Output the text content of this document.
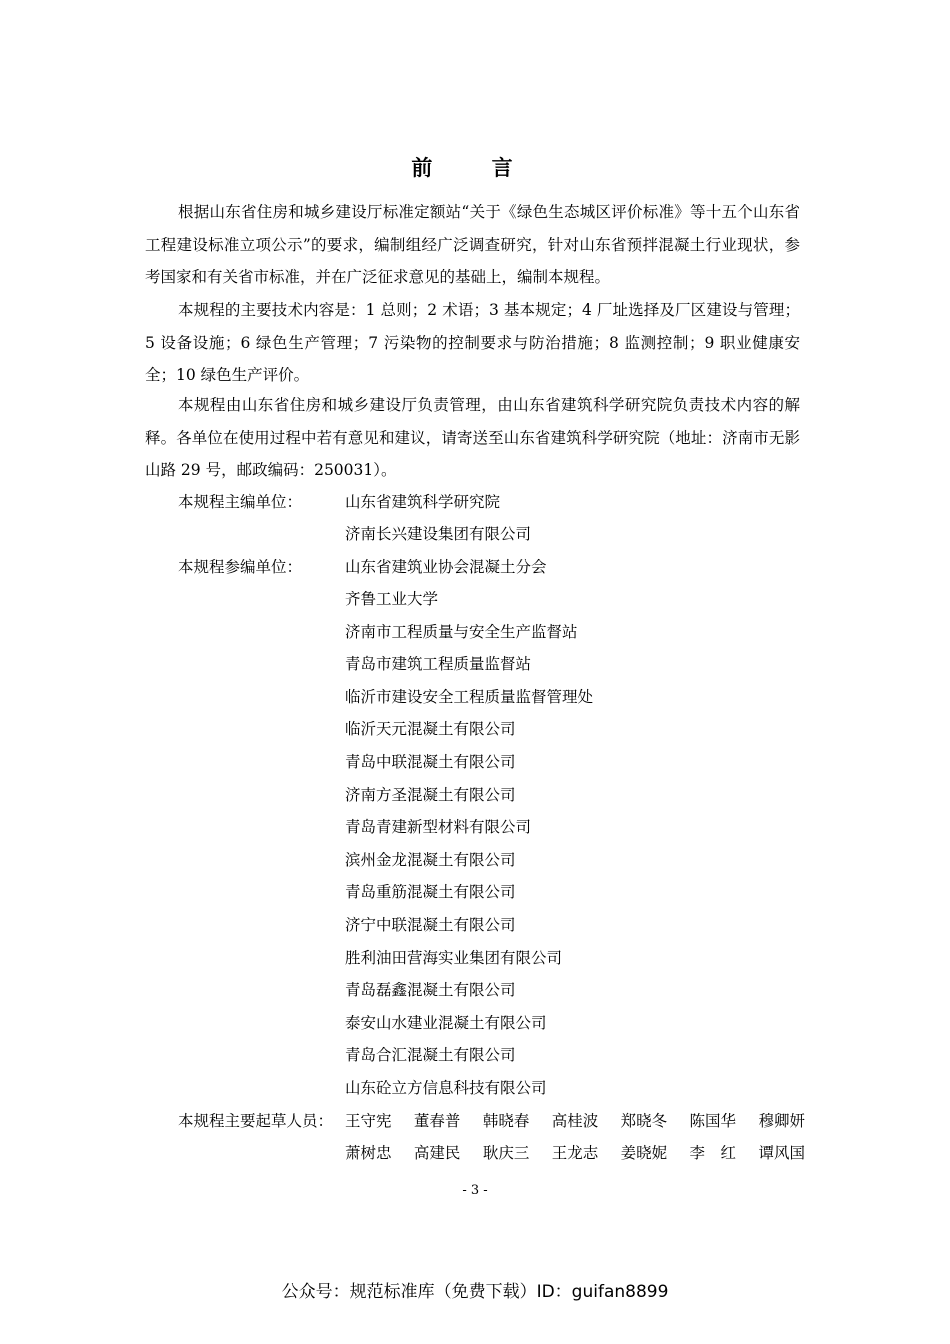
前 言
根据山东省住房和城乡建设厅标准定额站“关于《绿色生态城区评价标准》等十五个山东省工程建设标准立项公示”的要求，编制组经广泛调查研究，针对山东省预拌混凝土行业现状，参考国家和有关省市标准，并在广泛征求意见的基础上，编制本规程。
本规程的主要技术内容是：1 总则；2 术语；3 基本规定；4 厂址选择及厂区建设与管理；5 设备设施；6 绿色生产管理；7 污染物的控制要求与防治措施；8 监测控制；9 职业健康安全；10 绿色生产评价。
本规程由山东省住房和城乡建设厅负责管理，由山东省建筑科学研究院负责技术内容的解释。各单位在使用过程中若有意见和建议，请寄送至山东省建筑科学研究院（地址：济南市无影山路 29 号，邮政编码：250031）。
本规程主编单位：	山东省建筑科学研究院
济南长兴建设集团有限公司
本规程参编单位：	山东省建筑业协会混凝土分会
齐鲁工业大学
济南市工程质量与安全生产监督站
青岛市建筑工程质量监督站
临沂市建设安全工程质量监督管理处
临沂天元混凝土有限公司
青岛中联混凝土有限公司
济南方圣混凝土有限公司
青岛青建新型材料有限公司
滨州金龙混凝土有限公司
青岛重筋混凝土有限公司
济宁中联混凝土有限公司
胜利油田营海实业集团有限公司
青岛磊鑫混凝土有限公司
泰安山水建业混凝土有限公司
青岛合汇混凝土有限公司
山东砼立方信息科技有限公司
本规程主要起草人员： 王守宪 董春普 韩晓春 高桂波 郑晓冬 陈国华 穆卿妍
萧树忠 高建民 耿庆三 王龙志 姜晓妮 李　红 谭风国
- 3 -
公众号：规范标准库（免费下载）ID：guifan8899
